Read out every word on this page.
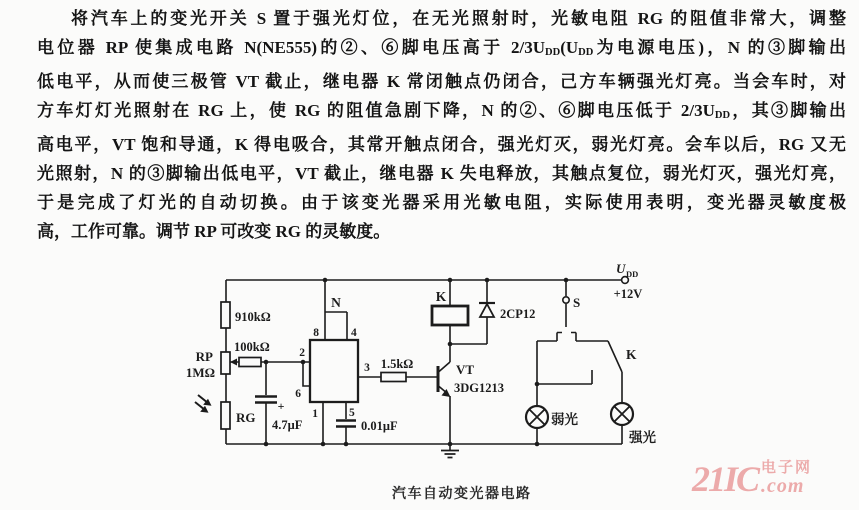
将汽车上的变光开关 S 置于强光灯位，在无光照射时，光敏电阻 RG 的阻值非常大，调整
电位器 RP 使集成电路 N(NE555)的②、⑥脚电压高于 $2/3U_{DD}(U_{DD}$为电源电压)，N 的③脚输出
低电平，从而使三极管 VT 截止，继电器 K 常闭触点仍闭合，己方车辆强光灯亮。当会车时，对
方车灯灯光照射在 RG 上，使 RG 的阻值急剧下降，N 的②、⑥脚电压低于 $2/3U_{DD}$，其③脚输出
高电平，VT 饱和导通，K 得电吸合，其常开触点闭合，强光灯灭，弱光灯亮。会车以后，RG 又无
光照射，N 的③脚输出低电平，VT 截止，继电器 K 失电释放，其触点复位，弱光灯灭，强光灯亮，
于是完成了灯光的自动切换。由于该变光器采用光敏电阻，实际使用表明，变光器灵敏度极
高，工作可靠。调节 RP 可改变 RG 的灵敏度。
910kΩ
RP
1MΩ
RG
100kΩ
+
4.7μF
N
8	4
2
6
1	5
3
0.01μF
1.5kΩ	VT
3DG1213
K
2CP12
U DD
+12V
S
K
弱光
强光
汽车自动变光器电路	21IC 电子网
.com
